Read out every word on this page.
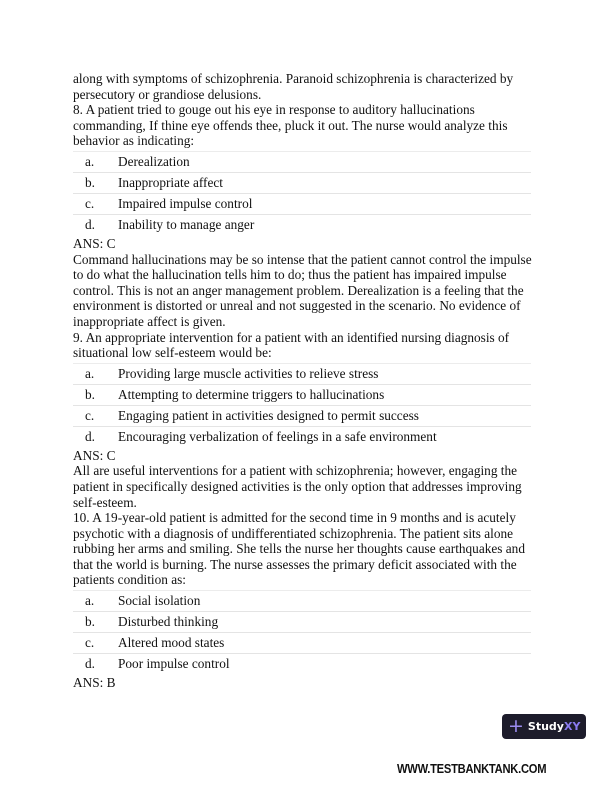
along with symptoms of schizophrenia. Paranoid schizophrenia is characterized by persecutory or grandiose delusions.

8. A patient tried to gouge out his eye in response to auditory hallucinations commanding, If thine eye offends thee, pluck it out. The nurse would analyze this behavior as indicating:

a.	Derealization
b.	Inappropriate affect
c.	Impaired impulse control
d.	Inability to manage anger

ANS: C

Command hallucinations may be so intense that the patient cannot control the impulse to do what the hallucination tells him to do; thus the patient has impaired impulse control. This is not an anger management problem. Derealization is a feeling that the environment is distorted or unreal and not suggested in the scenario. No evidence of inappropriate affect is given.

9. An appropriate intervention for a patient with an identified nursing diagnosis of situational low self-esteem would be:

a.	Providing large muscle activities to relieve stress
b.	Attempting to determine triggers to hallucinations
c.	Engaging patient in activities designed to permit success
d.	Encouraging verbalization of feelings in a safe environment

ANS: C

All are useful interventions for a patient with schizophrenia; however, engaging the patient in specifically designed activities is the only option that addresses improving self-esteem.

10. A 19-year-old patient is admitted for the second time in 9 months and is acutely psychotic with a diagnosis of undifferentiated schizophrenia. The patient sits alone rubbing her arms and smiling. She tells the nurse her thoughts cause earthquakes and that the world is burning. The nurse assesses the primary deficit associated with the patients condition as:

a.	Social isolation
b.	Disturbed thinking
c.	Altered mood states
d.	Poor impulse control

ANS: B

+ Study XY
WWW.TESTBANKTANK.COM
